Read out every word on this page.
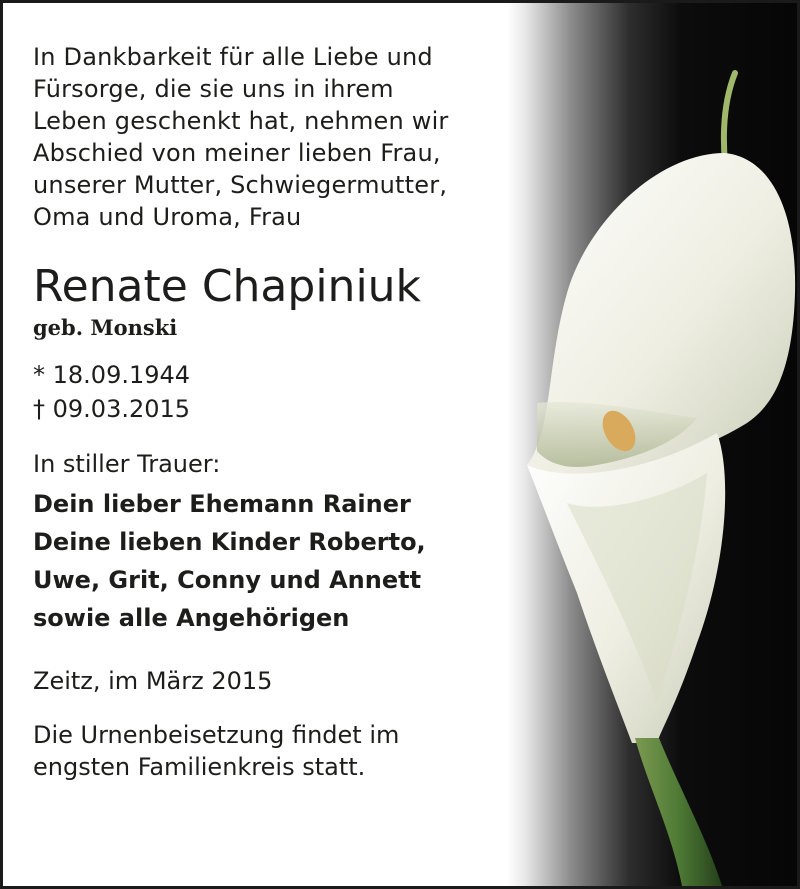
In Dankbarkeit für alle Liebe und
Fürsorge, die sie uns in ihrem
Leben geschenkt hat, nehmen wir
Abschied von meiner lieben Frau,
unserer Mutter, Schwiegermutter,
Oma und Uroma, Frau

Renate Chapiniuk
geb. Monski
* 18.09.1944
† 09.03.2015
In stiller Trauer:
Dein lieber Ehemann Rainer
Deine lieben Kinder Roberto,
Uwe, Grit, Conny und Annett
sowie alle Angehörigen
Zeitz, im März 2015
Die Urnenbeisetzung findet im
engsten Familienkreis statt.
